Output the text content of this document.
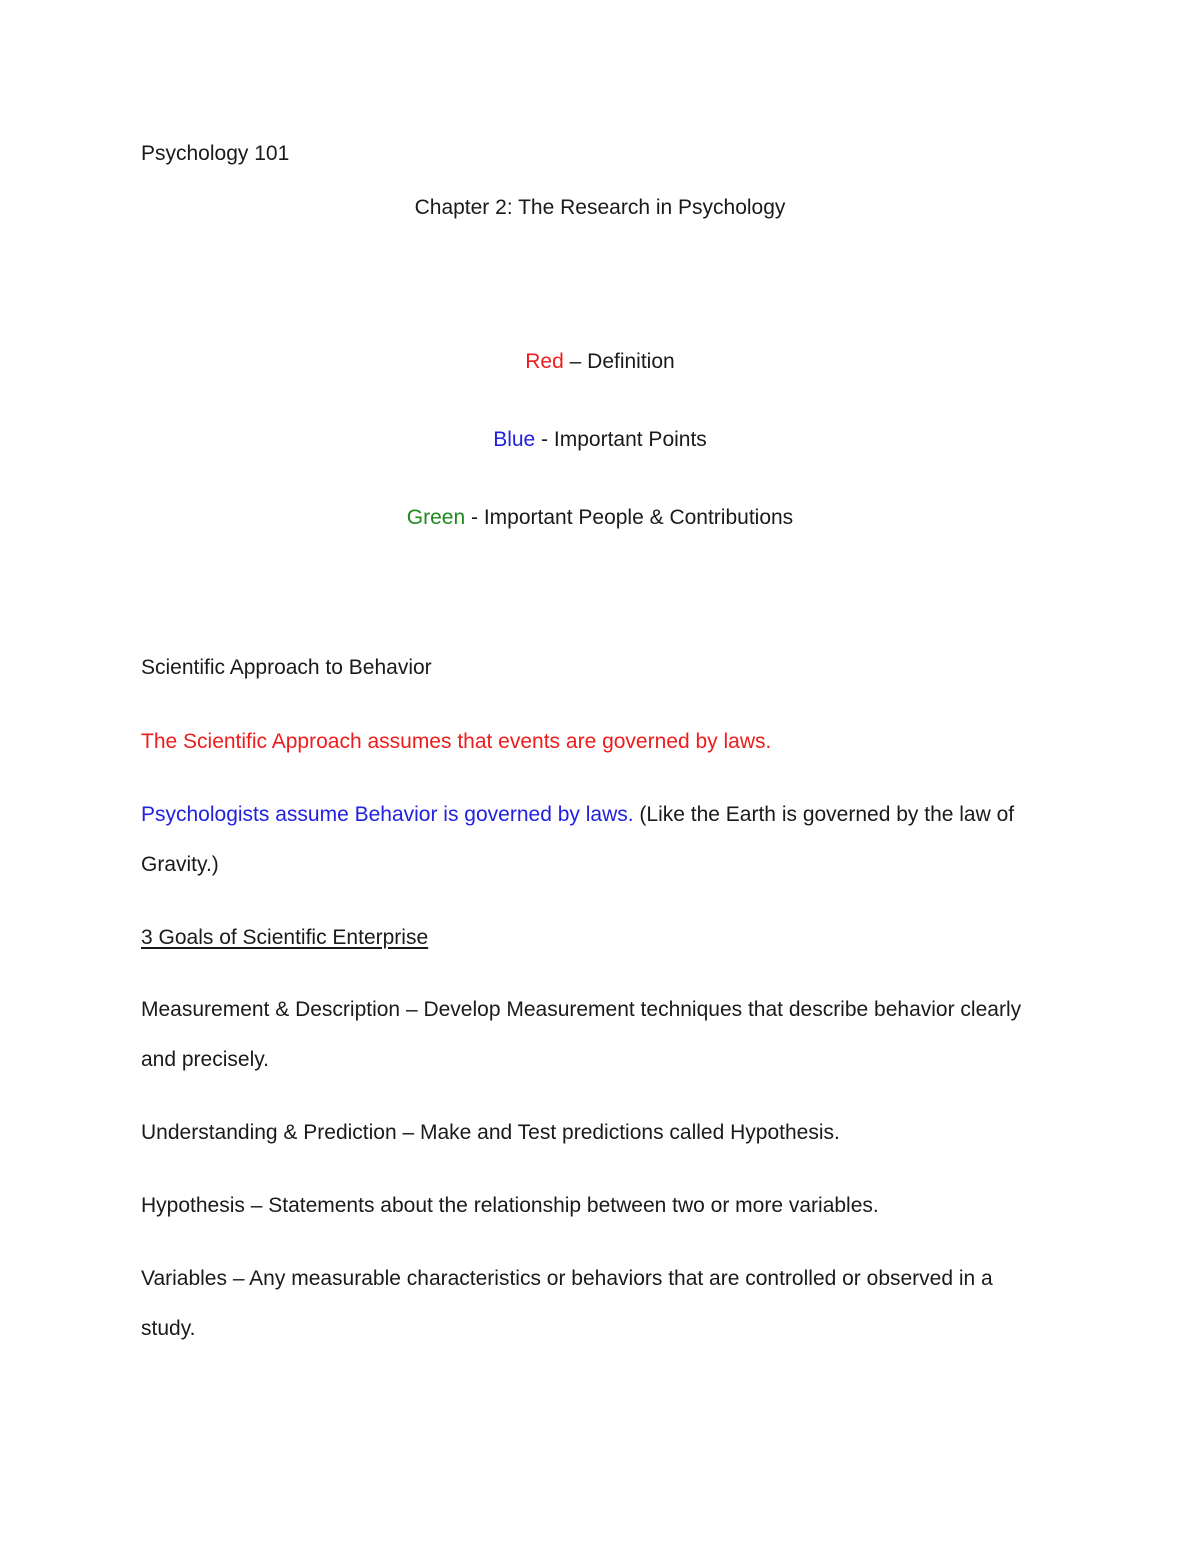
Psychology 101

Chapter 2: The Research in Psychology

Red – Definition

Blue - Important Points

Green - Important People & Contributions

Scientific Approach to Behavior

The Scientific Approach assumes that events are governed by laws.

Psychologists assume Behavior is governed by laws. (Like the Earth is governed by the law of

Gravity.)

3 Goals of Scientific Enterprise

Measurement & Description – Develop Measurement techniques that describe behavior clearly

and precisely.

Understanding & Prediction – Make and Test predictions called Hypothesis.

Hypothesis – Statements about the relationship between two or more variables.

Variables – Any measurable characteristics or behaviors that are controlled or observed in a

study.
